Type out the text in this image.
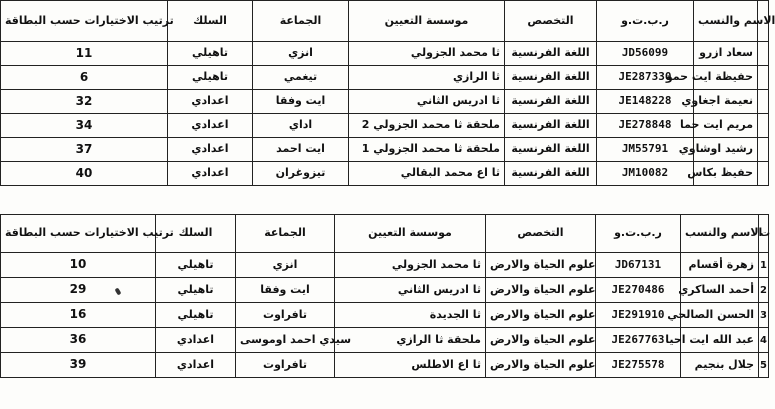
ترتيب الاختيارات حسب البطاقة	السلك	الجماعة	موسسة التعيين	التخصص	ر.ب.ت.و	الاسم والنسب	
11	تاهيلي	انزي	ثا محمد الجزولي	اللغة الفرنسية	JD56099	سعاد ازرو	
6	تاهيلي	تيغمي	ثا الرازي	اللغة الفرنسية	JE287330	حفيظة ايت حمو	
32	اعدادي	ايت وفقا	ثا ادريس الثاني	اللغة الفرنسية	JE148228	نعيمة اجغاوي	
34	اعدادي	اداي	ملحقة ثا محمد الجزولي 2	اللغة الفرنسية	JE278848	مريم ايت حما	
37	اعدادي	ايت احمد	ملحقة ثا محمد الجزولي 1	اللغة الفرنسية	JM55791	رشيد اوشاوي	
40	اعدادي	تيزوغران	ثا اع محمد البقالي	اللغة الفرنسية	JM10082	حفيظ بكاس	
ترتيب الاختيارات حسب البطاقة	السلك	الجماعة	موسسة التعيين	التخصص	ر.ب.ت.و	الاسم والنسب	ت
10	تاهيلي	انزي	ثا محمد الجزولي	علوم الحياة والارض	JD67131	زهرة أقسام	1
29	تاهيلي	ايت وفقا	ثا ادريس الثاني	علوم الحياة والارض	JE270486	أحمد الساكري	2
16	تاهيلي	تافراوت	ثا الجديدة	علوم الحياة والارض	JE291910	الحسن الصالحي	3
36	اعدادي	سيدي احمد اوموسى	ملحقة ثا الرازي	علوم الحياة والارض	JE267763	عبد الله ايت احيا	4
39	اعدادي	تافراوت	ثا اع الاطلس	علوم الحياة والارض	JE275578	جلال بنجيم	5
